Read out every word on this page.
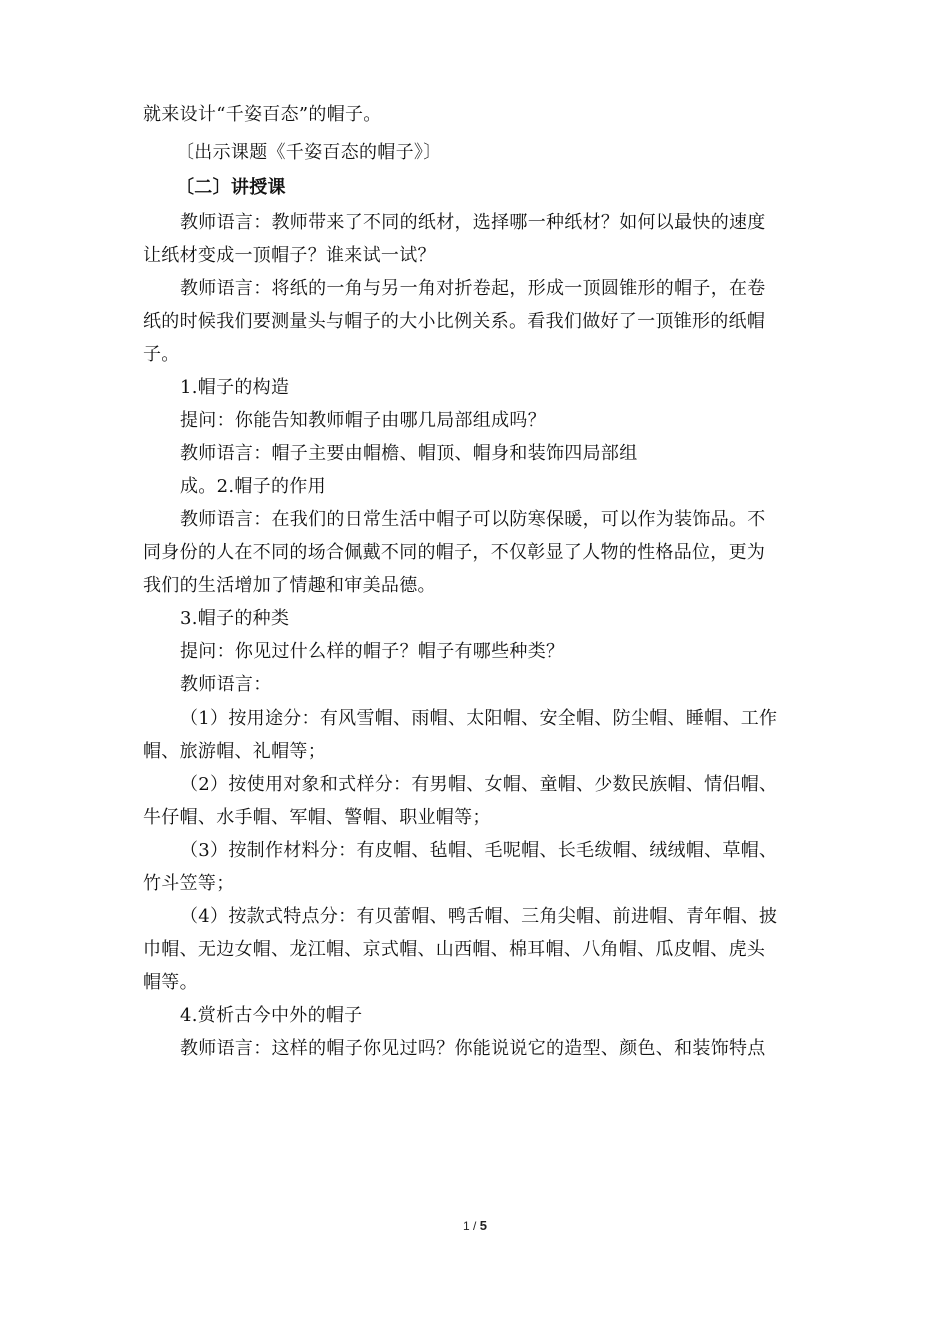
就来设计“千姿百态”的帽子。
〔出示课题《千姿百态的帽子》〕
〔二〕讲授课
教师语言：教师带来了不同的纸材，选择哪一种纸材？如何以最快的速度
让纸材变成一顶帽子？谁来试一试？
教师语言：将纸的一角与另一角对折卷起，形成一顶圆锥形的帽子，在卷
纸的时候我们要测量头与帽子的大小比例关系。看我们做好了一顶锥形的纸帽
子。
1.帽子的构造
提问：你能告知教师帽子由哪几局部组成吗？
教师语言：帽子主要由帽檐、帽顶、帽身和装饰四局部组
成。2.帽子的作用
教师语言：在我们的日常生活中帽子可以防寒保暖，可以作为装饰品。不
同身份的人在不同的场合佩戴不同的帽子，不仅彰显了人物的性格品位，更为
我们的生活增加了情趣和审美品德。
3.帽子的种类
提问：你见过什么样的帽子？帽子有哪些种类？
教师语言：
（1）按用途分：有风雪帽、雨帽、太阳帽、安全帽、防尘帽、睡帽、工作
帽、旅游帽、礼帽等；
（2）按使用对象和式样分：有男帽、女帽、童帽、少数民族帽、情侣帽、
牛仔帽、水手帽、军帽、警帽、职业帽等；
（3）按制作材料分：有皮帽、毡帽、毛呢帽、长毛绂帽、绒绒帽、草帽、
竹斗笠等；
（4）按款式特点分：有贝蕾帽、鸭舌帽、三角尖帽、前进帽、青年帽、披
巾帽、无边女帽、龙江帽、京式帽、山西帽、棉耳帽、八角帽、瓜皮帽、虎头
帽等。
4.赏析古今中外的帽子
教师语言：这样的帽子你见过吗？你能说说它的造型、颜色、和装饰特点
1 / 5
